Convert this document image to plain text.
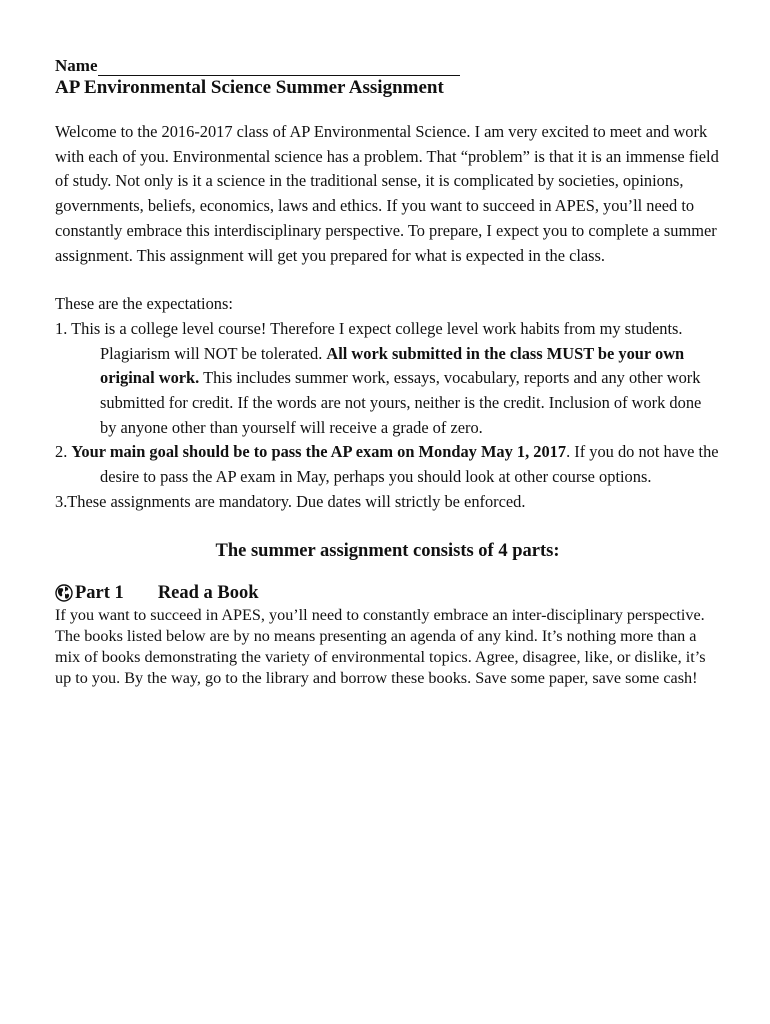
Name
AP Environmental Science Summer Assignment

Welcome to the 2016-2017 class of AP Environmental Science. I am very excited to meet and work with each of you. Environmental science has a problem. That “problem” is that it is an immense field of study. Not only is it a science in the traditional sense, it is complicated by societies, opinions, governments, beliefs, economics, laws and ethics. If you want to succeed in APES, you’ll need to constantly embrace this interdisciplinary perspective. To prepare, I expect you to complete a summer assignment. This assignment will get you prepared for what is expected in the class.

These are the expectations:

1. This is a college level course! Therefore I expect college level work habits from my students. Plagiarism will NOT be tolerated. All work submitted in the class MUST be your own original work. This includes summer work, essays, vocabulary, reports and any other work submitted for credit. If the words are not yours, neither is the credit. Inclusion of work done by anyone other than yourself will receive a grade of zero.
2. Your main goal should be to pass the AP exam on Monday May 1, 2017. If you do not have the desire to pass the AP exam in May, perhaps you should look at other course options.
3.These assignments are mandatory. Due dates will strictly be enforced.
The summer assignment consists of 4 parts:
Part 1 Read a Book

If you want to succeed in APES, you’ll need to constantly embrace an inter-disciplinary perspective. The books listed below are by no means presenting an agenda of any kind. It’s nothing more than a mix of books demonstrating the variety of environmental topics. Agree, disagree, like, or dislike, it’s up to you. By the way, go to the library and borrow these books. Save some paper, save some cash!
